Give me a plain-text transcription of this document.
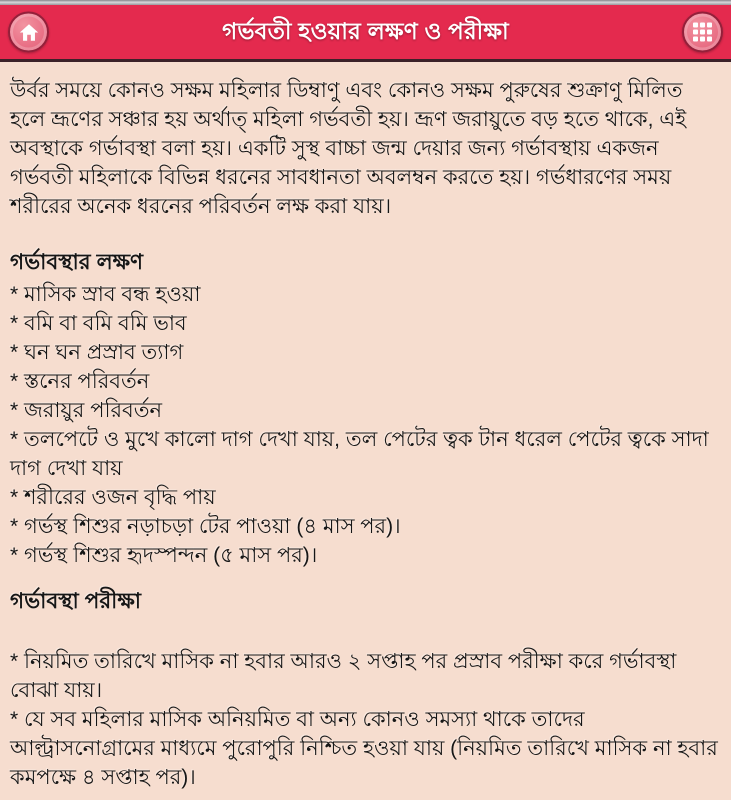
গর্ভবতী হওয়ার লক্ষণ ও পরীক্ষা

উর্বর সময়ে কোনও সক্ষম মহিলার ডিম্বাণু এবং কোনও সক্ষম পুরুষের শুক্রাণু মিলিত হলে ভ্রূণের সঞ্চার হয় অর্থাত্‍ মহিলা গর্ভবতী হয়। ভ্রূণ জরায়ুতে বড় হতে থাকে, এই অবস্থাকে গর্ভাবস্থা বলা হয়। একটি সুস্থ বাচ্চা জন্ম দেয়ার জন্য গর্ভাবস্থায় একজন গর্ভবতী মহিলাকে বিভিন্ন ধরনের সাবধানতা অবলম্বন করতে হয়। গর্ভধারণের সময় শরীরের অনেক ধরনের পরিবর্তন লক্ষ করা যায়।

গর্ভাবস্থার লক্ষণ

* মাসিক স্রাব বন্ধ হওয়া

* বমি বা বমি বমি ভাব

* ঘন ঘন প্রস্রাব ত্যাগ

* স্তনের পরিবর্তন

* জরায়ুর পরিবর্তন

* তলপেটে ও মুখে কালো দাগ দেখা যায়, তল পেটের ত্বক টান ধরেল পেটের ত্বকে সাদা দাগ দেখা যায়

* শরীরের ওজন বৃদ্ধি পায়

* গর্ভস্থ শিশুর নড়াচড়া টের পাওয়া (৪ মাস পর)।

* গর্ভস্থ শিশুর হৃদস্পন্দন (৫ মাস পর)।

গর্ভাবস্থা পরীক্ষা

* নিয়মিত তারিখে মাসিক না হবার আরও ২ সপ্তাহ পর প্রস্রাব পরীক্ষা করে গর্ভাবস্থা বোঝা যায়।

* যে সব মহিলার মাসিক অনিয়মিত বা অন্য কোনও সমস্যা থাকে তাদের আল্ট্রাসনোগ্রামের মাধ্যমে পুরোপুরি নিশ্চিত হওয়া যায় (নিয়মিত তারিখে মাসিক না হবার কমপক্ষে ৪ সপ্তাহ পর)।
